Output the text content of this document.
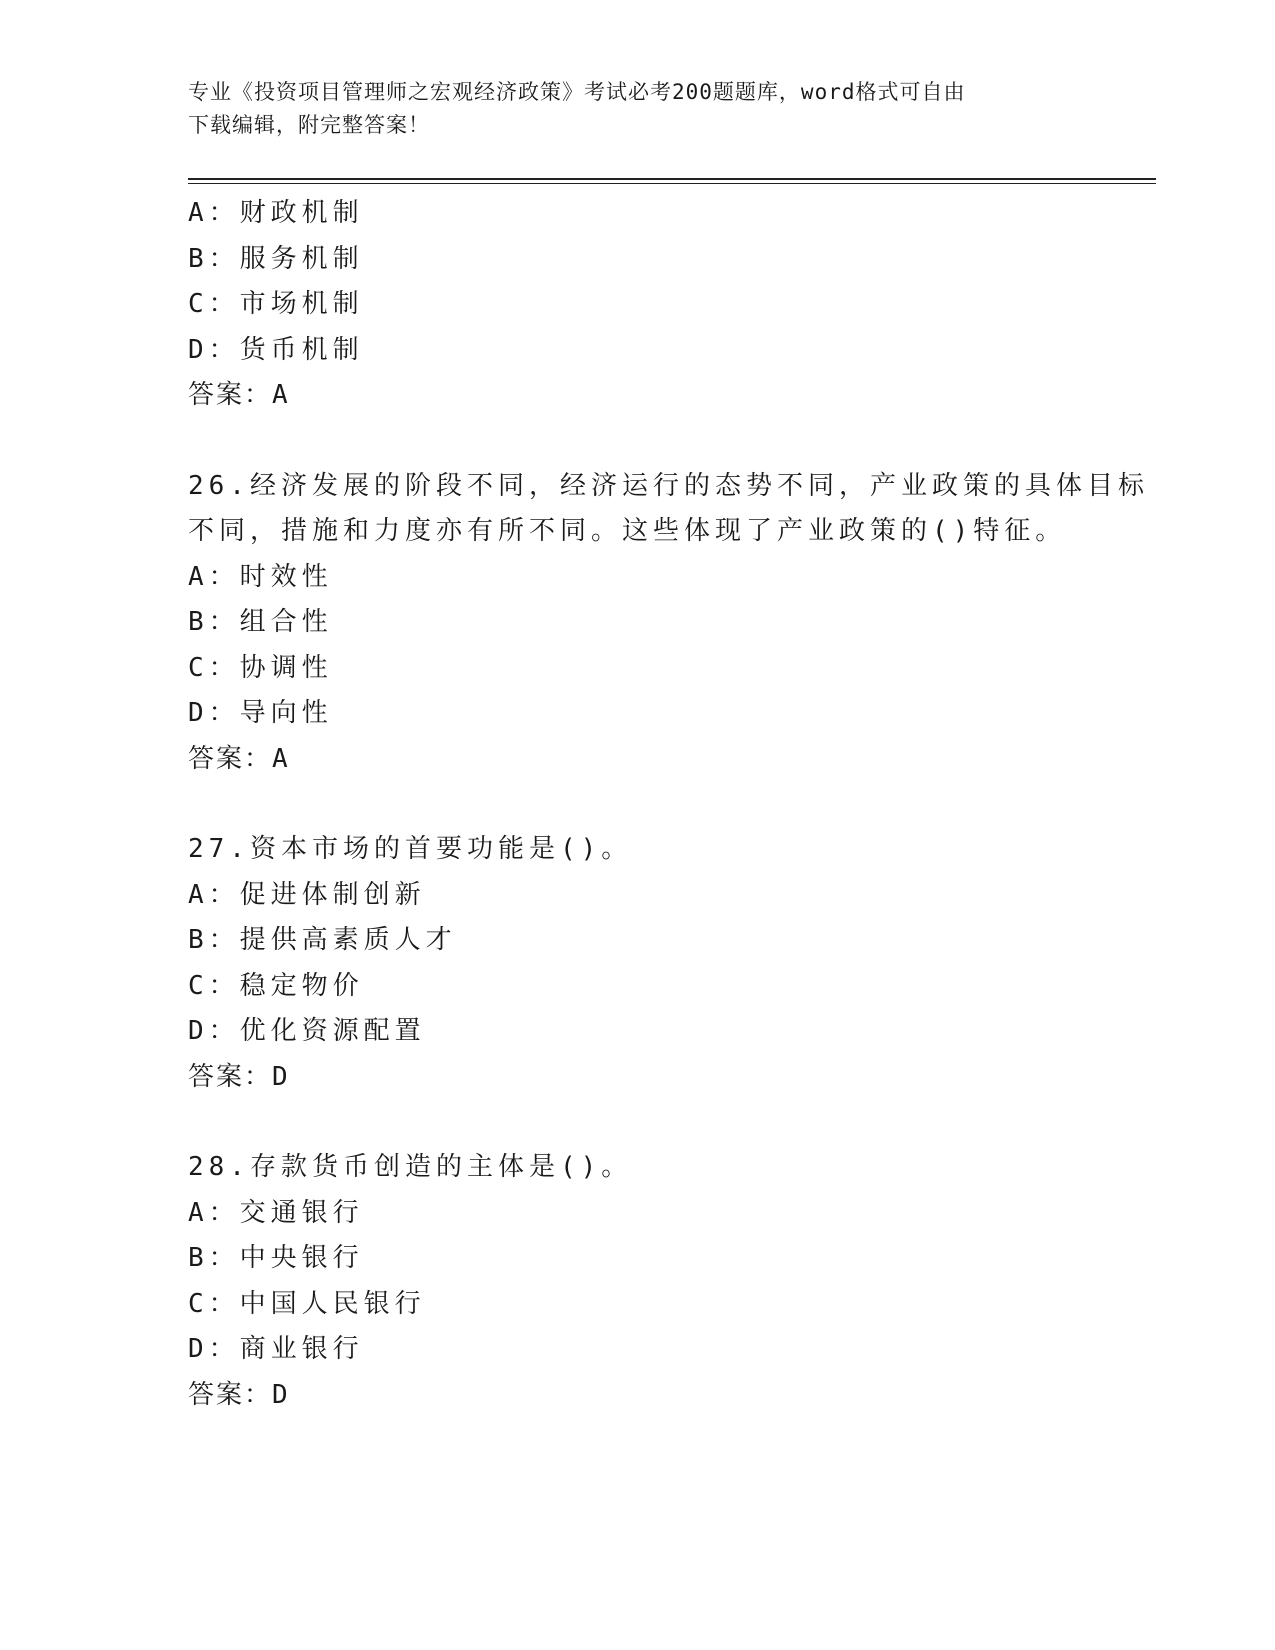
专业《投资项目管理师之宏观经济政策》考试必考200题题库，word格式可自由
下载编辑，附完整答案！
A：财政机制
B：服务机制
C：市场机制
D：货币机制
答案：A
26.经济发展的阶段不同，经济运行的态势不同，产业政策的具体目标
不同，措施和力度亦有所不同。这些体现了产业政策的()特征。
A：时效性
B：组合性
C：协调性
D：导向性
答案：A
27.资本市场的首要功能是()。
A：促进体制创新
B：提供高素质人才
C：稳定物价
D：优化资源配置
答案：D
28.存款货币创造的主体是()。
A：交通银行
B：中央银行
C：中国人民银行
D：商业银行
答案：D
